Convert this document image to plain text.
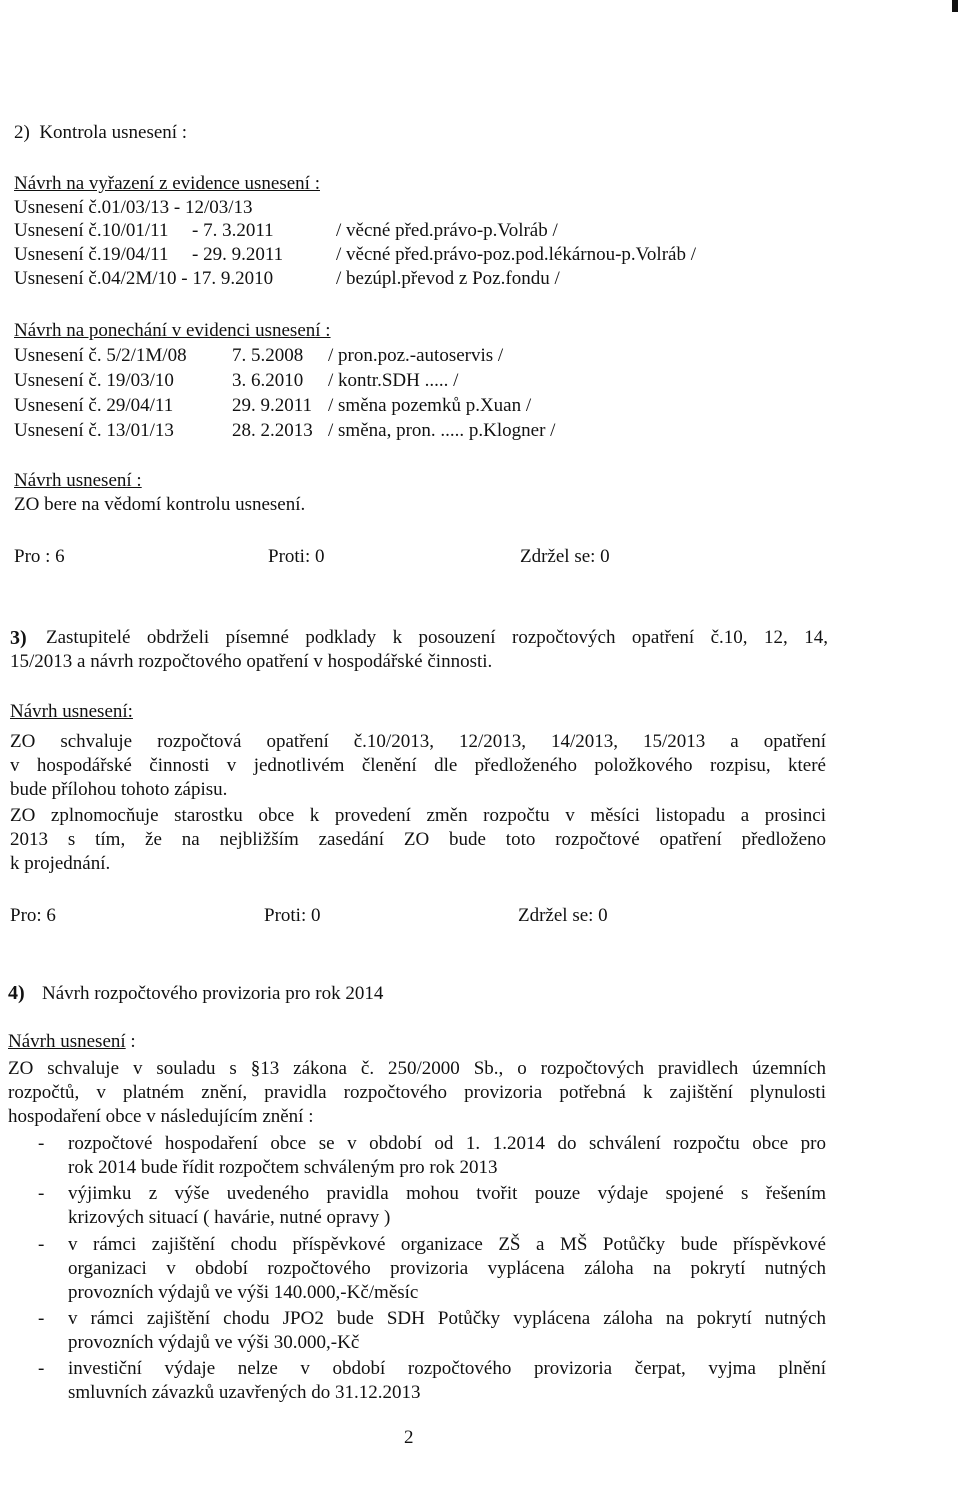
2) Kontrola usnesení :
Návrh na vyřazení z evidence usnesení :
Usnesení č.01/03/13 - 12/03/13
Usnesení č.10/01/11 - 7. 3.2011	/ věcné před.právo-p.Volráb /
Usnesení č.19/04/11 - 29. 9.2011	/ věcné před.právo-poz.pod.lékárnou-p.Volráb /
Usnesení č.04/2M/10 - 17. 9.2010	/ bezúpl.převod z Poz.fondu /
Návrh na ponechání v evidenci usnesení :
Usnesení č. 5/2/1M/08 7. 5.2008 / pron.poz.-autoservis /
Usnesení č. 19/03/10	3. 6.2010 / kontr.SDH ..... /
Usnesení č. 29/04/11	29. 9.2011 / směna pozemků p.Xuan /
Usnesení č. 13/01/13	28. 2.2013 / směna, pron. ..... p.Klogner /
Návrh usnesení :
ZO bere na vědomí kontrolu usnesení.
Pro : 6	Proti: 0	Zdržel se: 0
3) Zastupitelé obdrželi písemné podklady k posouzení rozpočtových opatření č.10, 12, 14,
15/2013 a návrh rozpočtového opatření v hospodářské činnosti.
Návrh usnesení:
ZO schvaluje rozpočtová opatření č.10/2013, 12/2013, 14/2013, 15/2013 a opatření
v hospodářské činnosti v jednotlivém členění dle předloženého položkového rozpisu, které
bude přílohou tohoto zápisu.
ZO zplnomocňuje starostku obce k provedení změn rozpočtu v měsíci listopadu a prosinci
2013 s tím, že na nejbližším zasedání ZO bude toto rozpočtové opatření předloženo
k projednání.
Pro: 6	Proti: 0	Zdržel se: 0
4) Návrh rozpočtového provizoria pro rok 2014
Návrh usnesení :
ZO schvaluje v souladu s §13 zákona č. 250/2000 Sb., o rozpočtových pravidlech územních
rozpočtů, v platném znění, pravidla rozpočtového provizoria potřebná k zajištění plynulosti
hospodaření obce v následujícím znění :
- rozpočtové hospodaření obce se v období od 1. 1.2014 do schválení rozpočtu obce pro
rok 2014 bude řídit rozpočtem schváleným pro rok 2013
- výjimku z výše uvedeného pravidla mohou tvořit pouze výdaje spojené s řešením
krizových situací ( havárie, nutné opravy )
- v rámci zajištění chodu příspěvkové organizace ZŠ a MŠ Potůčky bude příspěvkové
organizaci v období rozpočtového provizoria vyplácena záloha na pokrytí nutných
provozních výdajů ve výši 140.000,-Kč/měsíc
- v rámci zajištění chodu JPO2 bude SDH Potůčky vyplácena záloha na pokrytí nutných
provozních výdajů ve výši 30.000,-Kč
- investiční výdaje nelze v období rozpočtového provizoria čerpat, vyjma plnění
smluvních závazků uzavřených do 31.12.2013
2
